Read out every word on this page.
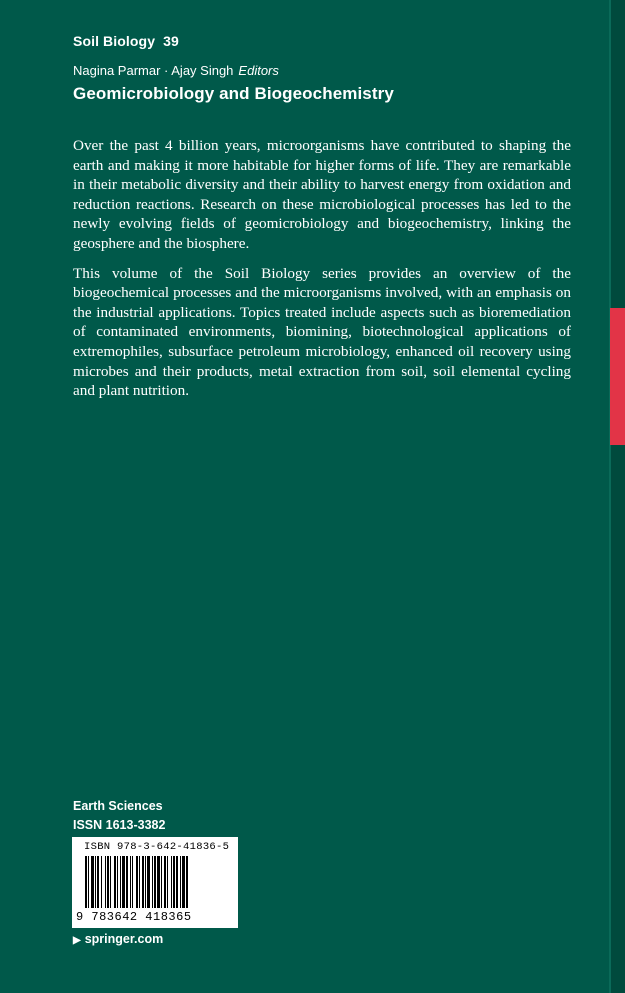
Soil Biology 39
Nagina Parmar · Ajay Singh Editors
Geomicrobiology and Biogeochemistry

Over the past 4 billion years, microorganisms have contributed to shaping the earth and making it more habitable for higher forms of life. They are remarkable in their metabolic diversity and their ability to harvest energy from oxidation and reduction reactions. Research on these microbiological processes has led to the newly evolving fields of geomicrobiology and biogeochemistry, linking the geosphere and the biosphere.

This volume of the Soil Biology series provides an overview of the biogeochemical processes and the microorganisms involved, with an emphasis on the industrial applications. Topics treated include aspects such as bioremediation of contaminated environments, biomining, biotechnological applications of extremophiles, subsurface petroleum microbiology, enhanced oil recovery using microbes and their products, metal extraction from soil, soil elemental cycling and plant nutrition.

Earth Sciences
ISSN 1613-3382
ISBN 978-3-642-41836-5
9 783642 418365
▶ springer.com
